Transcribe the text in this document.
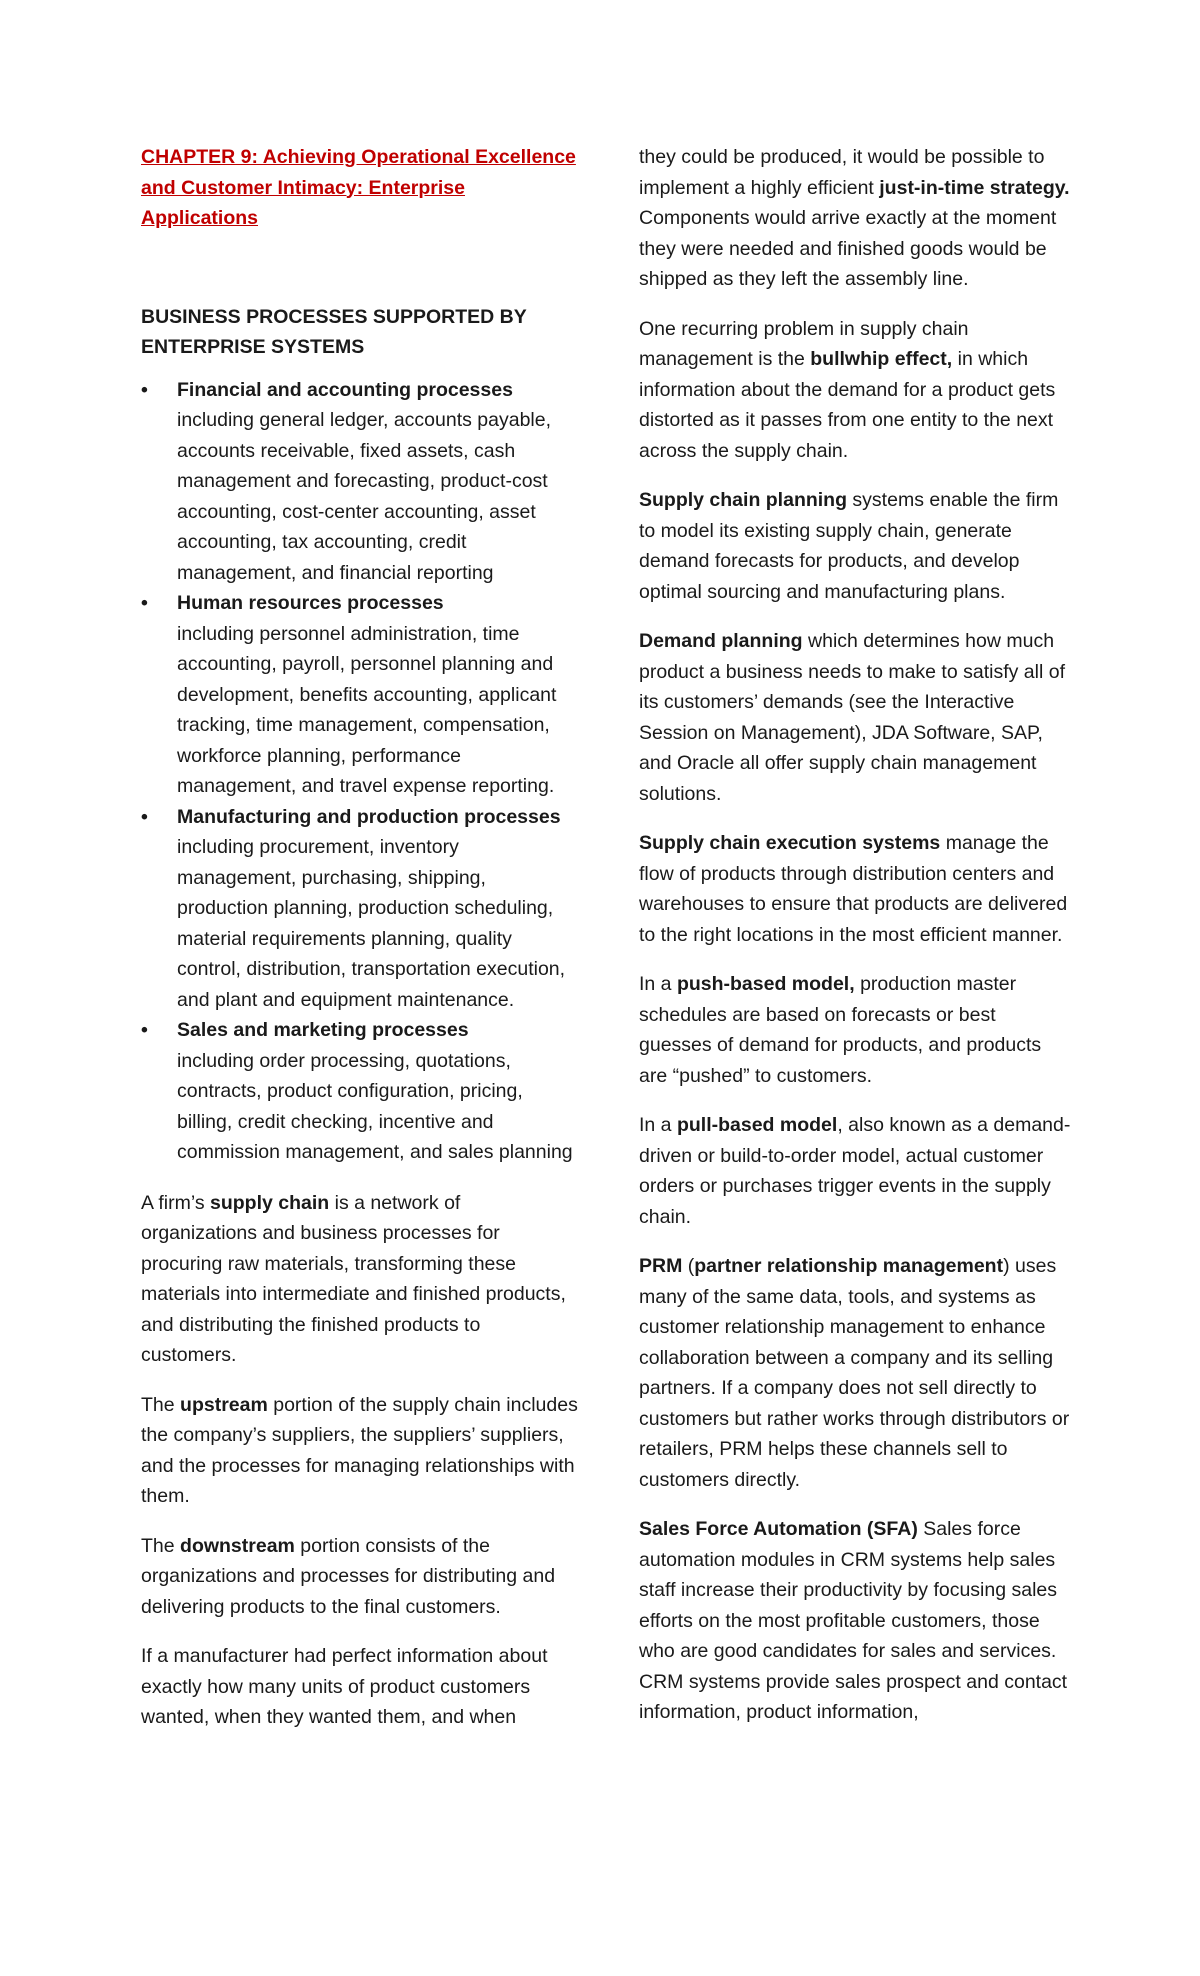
CHAPTER 9: Achieving Operational Excellence and Customer Intimacy: Enterprise Applications

BUSINESS PROCESSES SUPPORTED BY ENTERPRISE SYSTEMS

•	Financial and accounting processes
including general ledger, accounts payable, accounts receivable, fixed assets, cash management and forecasting, product-cost accounting, cost-center accounting, asset accounting, tax accounting, credit management, and financial reporting
•	Human resources processes
including personnel administration, time accounting, payroll, personnel planning and development, benefits accounting, applicant tracking, time management, compensation, workforce planning, performance management, and travel expense reporting.
•	Manufacturing and production processes
including procurement, inventory management, purchasing, shipping, production planning, production scheduling, material requirements planning, quality control, distribution, transportation execution, and plant and equipment maintenance.
•	Sales and marketing processes
including order processing, quotations, contracts, product configuration, pricing, billing, credit checking, incentive and commission management, and sales planning

A firm’s supply chain is a network of organizations and business processes for procuring raw materials, transforming these materials into intermediate and finished products, and distributing the finished products to customers.

The upstream portion of the supply chain includes the company’s suppliers, the suppliers’ suppliers, and the processes for managing relationships with them.

The downstream portion consists of the organizations and processes for distributing and delivering products to the final customers.

If a manufacturer had perfect information about exactly how many units of product customers wanted, when they wanted them, and when

they could be produced, it would be possible to implement a highly efficient just-in-time strategy. Components would arrive exactly at the moment they were needed and finished goods would be shipped as they left the assembly line.

One recurring problem in supply chain management is the bullwhip effect, in which information about the demand for a product gets distorted as it passes from one entity to the next across the supply chain.

Supply chain planning systems enable the firm to model its existing supply chain, generate demand forecasts for products, and develop optimal sourcing and manufacturing plans.

Demand planning which determines how much product a business needs to make to satisfy all of its customers’ demands (see the Interactive Session on Management), JDA Software, SAP, and Oracle all offer supply chain management solutions.

Supply chain execution systems manage the flow of products through distribution centers and warehouses to ensure that products are delivered to the right locations in the most efficient manner.

In a push-based model, production master schedules are based on forecasts or best guesses of demand for products, and products are “pushed” to customers.

In a pull-based model, also known as a demand-driven or build-to-order model, actual customer orders or purchases trigger events in the supply chain.

PRM (partner relationship management) uses many of the same data, tools, and systems as customer relationship management to enhance collaboration between a company and its selling partners. If a company does not sell directly to customers but rather works through distributors or retailers, PRM helps these channels sell to customers directly.

Sales Force Automation (SFA) Sales force automation modules in CRM systems help sales staff increase their productivity by focusing sales efforts on the most profitable customers, those who are good candidates for sales and services. CRM systems provide sales prospect and contact information, product information,
